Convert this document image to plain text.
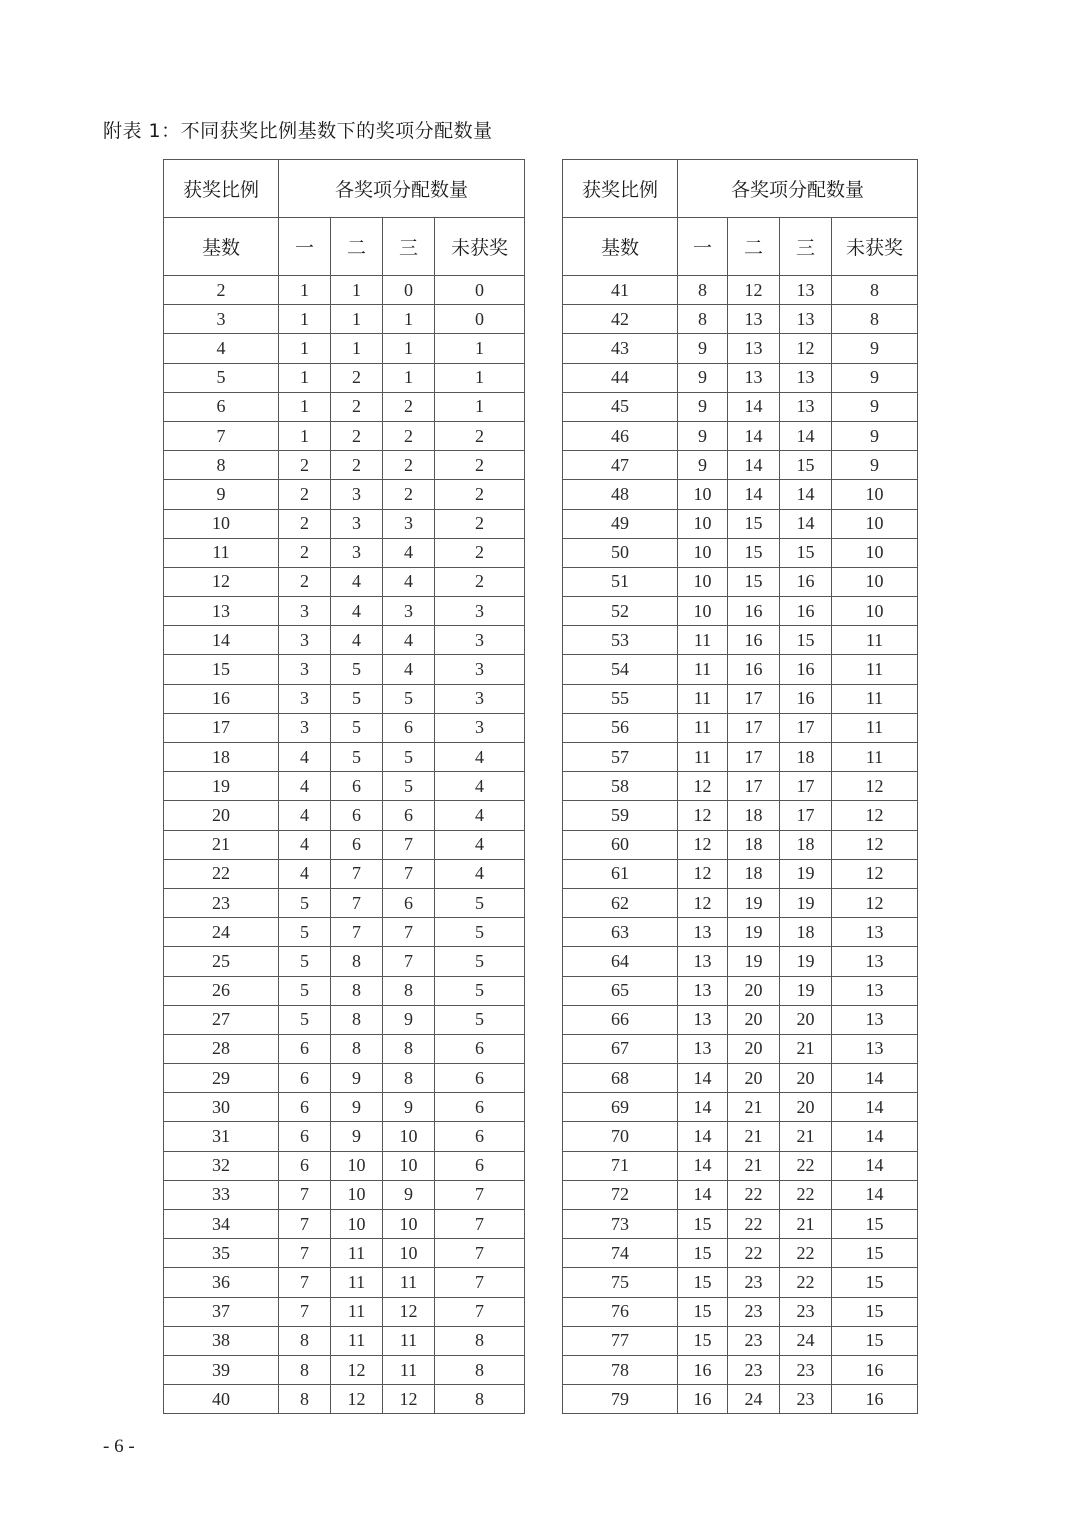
附表 1：不同获奖比例基数下的奖项分配数量
获奖比例	各奖项分配数量			
基数	一	二	三	未获奖
2	1	1	0	0
3	1	1	1	0
4	1	1	1	1
5	1	2	1	1
6	1	2	2	1
7	1	2	2	2
8	2	2	2	2
9	2	3	2	2
10	2	3	3	2
11	2	3	4	2
12	2	4	4	2
13	3	4	3	3
14	3	4	4	3
15	3	5	4	3
16	3	5	5	3
17	3	5	6	3
18	4	5	5	4
19	4	6	5	4
20	4	6	6	4
21	4	6	7	4
22	4	7	7	4
23	5	7	6	5
24	5	7	7	5
25	5	8	7	5
26	5	8	8	5
27	5	8	9	5
28	6	8	8	6
29	6	9	8	6
30	6	9	9	6
31	6	9	10	6
32	6	10	10	6
33	7	10	9	7
34	7	10	10	7
35	7	11	10	7
36	7	11	11	7
37	7	11	12	7
38	8	11	11	8
39	8	12	11	8
40	8	12	12	8
获奖比例	各奖项分配数量			
基数	一	二	三	未获奖
41	8	12	13	8
42	8	13	13	8
43	9	13	12	9
44	9	13	13	9
45	9	14	13	9
46	9	14	14	9
47	9	14	15	9
48	10	14	14	10
49	10	15	14	10
50	10	15	15	10
51	10	15	16	10
52	10	16	16	10
53	11	16	15	11
54	11	16	16	11
55	11	17	16	11
56	11	17	17	11
57	11	17	18	11
58	12	17	17	12
59	12	18	17	12
60	12	18	18	12
61	12	18	19	12
62	12	19	19	12
63	13	19	18	13
64	13	19	19	13
65	13	20	19	13
66	13	20	20	13
67	13	20	21	13
68	14	20	20	14
69	14	21	20	14
70	14	21	21	14
71	14	21	22	14
72	14	22	22	14
73	15	22	21	15
74	15	22	22	15
75	15	23	22	15
76	15	23	23	15
77	15	23	24	15
78	16	23	23	16
79	16	24	23	16
- 6 -
